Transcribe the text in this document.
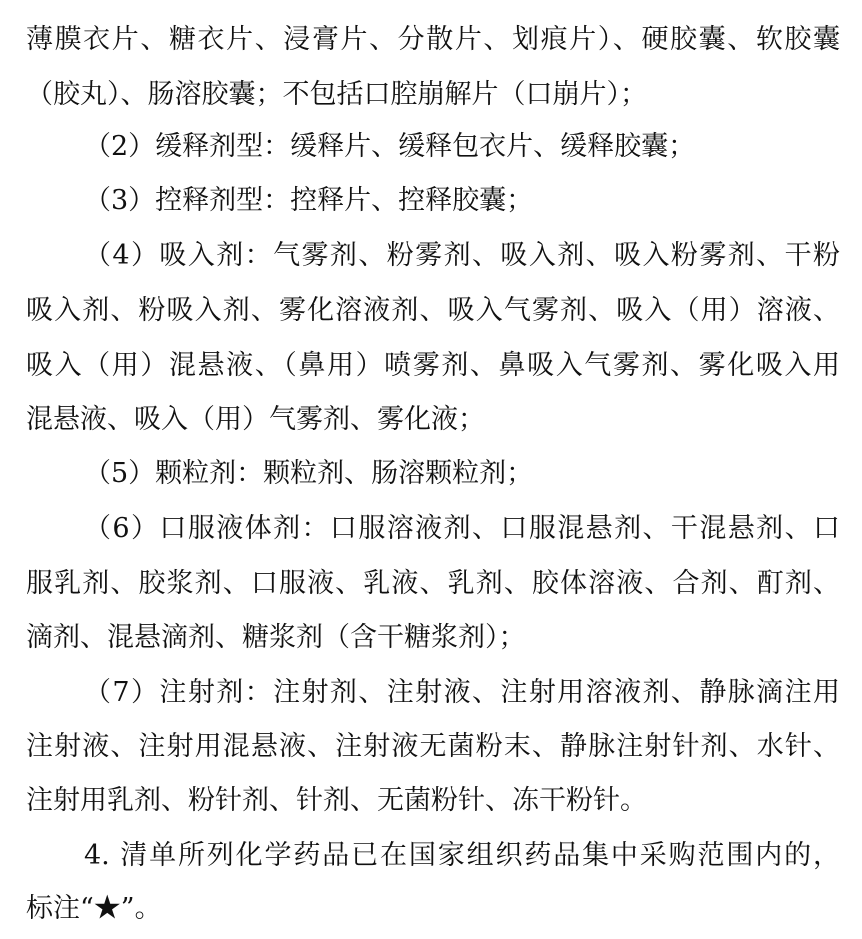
薄膜衣片、糖衣片、浸膏片、分散片、划痕片）、硬胶囊、软胶囊
（胶丸）、肠溶胶囊；不包括口腔崩解片（口崩片）；
（2）缓释剂型：缓释片、缓释包衣片、缓释胶囊；
（3）控释剂型：控释片、控释胶囊；
（4）吸入剂：气雾剂、粉雾剂、吸入剂、吸入粉雾剂、干粉
吸入剂、粉吸入剂、雾化溶液剂、吸入气雾剂、吸入（用）溶液、
吸入（用）混悬液、（鼻用）喷雾剂、鼻吸入气雾剂、雾化吸入用
混悬液、吸入（用）气雾剂、雾化液；
（5）颗粒剂：颗粒剂、肠溶颗粒剂；
（6）口服液体剂：口服溶液剂、口服混悬剂、干混悬剂、口
服乳剂、胶浆剂、口服液、乳液、乳剂、胶体溶液、合剂、酊剂、
滴剂、混悬滴剂、糖浆剂（含干糖浆剂）；
（7）注射剂：注射剂、注射液、注射用溶液剂、静脉滴注用
注射液、注射用混悬液、注射液无菌粉末、静脉注射针剂、水针、
注射用乳剂、粉针剂、针剂、无菌粉针、冻干粉针。
4. 清单所列化学药品已在国家组织药品集中采购范围内的，
标注“★”。
